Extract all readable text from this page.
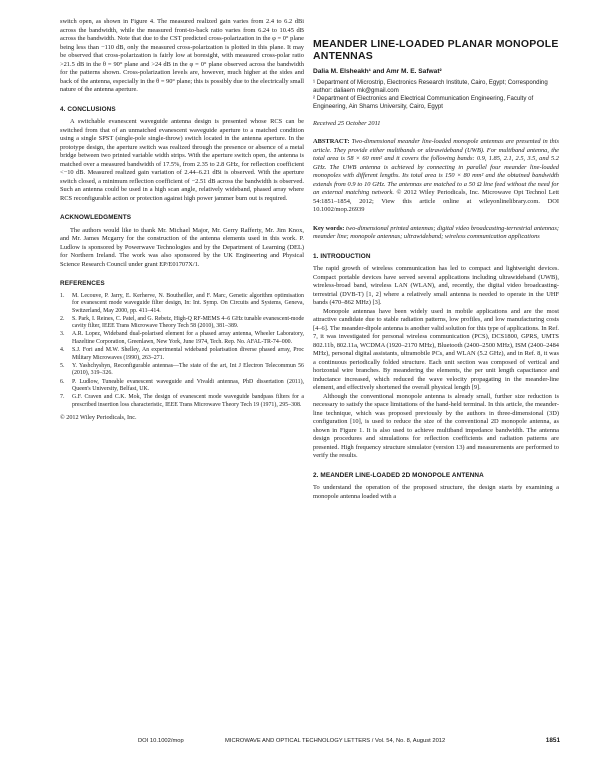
switch open, as shown in Figure 4. The measured realized gain varies from 2.4 to 6.2 dBi across the bandwidth, while the measured front-to-back ratio varies from 6.24 to 10.45 dB across the bandwidth. Note that due to the CST predicted cross-polarization in the φ = 0° plane being less than −110 dB, only the measured cross-polarization is plotted in this plane. It may be observed that cross-polarization is fairly low at boresight, with measured cross-polar ratio >21.5 dB in the θ = 90° plane and >24 dB in the φ = 0° plane observed across the bandwidth for the patterns shown. Cross-polarization levels are, however, much higher at the sides and back of the antenna, especially in the θ = 90° plane; this is possibly due to the electrically small nature of the antenna aperture.

4. CONCLUSIONS

A switchable evanescent waveguide antenna design is presented whose RCS can be switched from that of an unmatched evanescent waveguide aperture to a matched condition using a single SPST (single-pole single-throw) switch located in the antenna aperture. In the prototype design, the aperture switch was realized through the presence or absence of a metal bridge between two printed variable width strips. With the aperture switch open, the antenna is matched over a measured bandwidth of 17.5%, from 2.35 to 2.8 GHz, for reflection coefficient <−10 dB. Measured realized gain variation of 2.44–6.21 dBi is observed. With the aperture switch closed, a minimum reflection coefficient of −2.51 dB across the bandwidth is observed. Such an antenna could be used in a high scan angle, relatively wideband, phased array where RCS reconfigurable action or protection against high power jammer burn out is required.

ACKNOWLEDGMENTS

The authors would like to thank Mr. Michael Major, Mr. Gerry Rafferty, Mr. Jim Knox, and Mr. James Mcgarry for the construction of the antenna elements used in this work. P. Ludlow is sponsored by Powerwave Technologies and by the Department of Learning (DEL) for Northern Ireland. The work was also sponsored by the UK Engineering and Physical Science Research Council under grant EP/E01707X/1.

REFERENCES
1. M. Lecouve, P. Jarry, E. Kerherve, N. Boutheiller, and F. Marc, Genetic algorithm optimisation for evanescent mode waveguide filter design, In: Int. Symp. On Circuits and Systems, Geneva, Switzerland, May 2000, pp. 411–414.
2. S. Park, I. Reines, C. Patel, and G. Rebeiz, High-Q RF-MEMS 4–6 GHz tunable evanescent-mode cavity filter, IEEE Trans Microwave Theory Tech 58 (2010), 381–389.
3. A.R. Lopez, Wideband dual-polarised element for a phased array antenna, Wheeler Laboratory, Hazeltine Corporation, Greenlawn, New York, June 1974, Tech. Rep. No. AFAL-TR-74–000.
4. S.J. Fori and M.W. Shelley, An experimental wideband polarisation diverse phased array, Proc Military Microwaves (1990), 263–271.
5. Y. Yashchyshyn, Reconfigurable antennas—The state of the art, Int J Electron Telecommun 56 (2010), 319–326.
6. P. Ludlow, Tuneable evanescent waveguide and Vivaldi antennas, PhD dissertation (2011), Queen's University, Belfast, UK.
7. G.F. Craven and C.K. Mok, The design of evanescent mode waveguide bandpass filters for a prescribed insertion loss characteristic, IEEE Trans Microwave Theory Tech 19 (1971), 295–308.
© 2012 Wiley Periodicals, Inc.
MEANDER LINE-LOADED PLANAR MONOPOLE ANTENNAS
Dalia M. Elsheakh¹ and Amr M. E. Safwat²
¹ Department of Microstrip, Electronics Research Institute, Cairo, Egypt; Corresponding author: daliaem mk@gmail.com
² Department of Electronics and Electrical Communication Engineering, Faculty of Engineering, Ain Shams University, Cairo, Egypt
Received 25 October 2011

ABSTRACT: Two-dimensional meander line-loaded monopole antennas are presented in this article. They provide either multibands or ultrawideband (UWB). For multiband antenna, the total area is 58 × 60 mm² and it covers the following bands: 0.9, 1.85, 2.1, 2.5, 3.5, and 5.2 GHz. The UWB antenna is achieved by connecting in parallel four meander line-loaded monopoles with different lengths. Its total area is 150 × 80 mm² and the obtained bandwidth extends from 0.9 to 10 GHz. The antennas are matched to a 50 Ω line feed without the need for an external matching network. © 2012 Wiley Periodicals, Inc. Microwave Opt Technol Lett 54:1851–1854, 2012; View this article online at wileyonlinelibrary.com. DOI 10.1002/mop.26939

Key words: two-dimensional printed antennas; digital video broadcasting-terrestrial antennas; meander line; monopole antennas; ultrawideband; wireless communication applications

1. INTRODUCTION

The rapid growth of wireless communication has led to compact and lightweight devices. Compact portable devices have served several applications including ultrawideband (UWB), wireless-broad band, wireless LAN (WLAN), and, recently, the digital video broadcasting-terrestrial (DVB-T) [1, 2] where a relatively small antenna is needed to operate in the UHF bands (470–862 MHz) [3].

Monopole antennas have been widely used in mobile applications and are the most attractive candidate due to stable radiation patterns, low profiles, and low manufacturing costs [4–6]. The meander-dipole antenna is another valid solution for this type of applications. In Ref. 7, it was investigated for personal wireless communication (PCS), DCS1800, GPRS, UMTS 802.11b, 802.11a, WCDMA (1920–2170 MHz), Bluetooth (2400–2500 MHz), ISM (2400–2484 MHz), personal digital assistants, ultramobile PCs, and WLAN (5.2 GHz), and in Ref. 8, it was a continuous periodically folded structure. Each unit section was composed of vertical and horizontal wire branches. By meandering the elements, the per unit length capacitance and inductance increased, which reduced the wave velocity propagating in the meander-line element, and effectively shortened the overall physical length [9].

Although the conventional monopole antenna is already small, further size reduction is necessary to satisfy the space limitations of the hand-held terminal. In this article, the meander-line technique, which was proposed previously by the authors in three-dimensional (3D) configuration [10], is used to reduce the size of the conventional 2D monopole antenna, as shown in Figure 1. It is also used to achieve multiband impedance bandwidth. The antenna design procedures and simulations for reflection coefficients and radiation patterns are presented. High frequency structure simulator (version 13) and measurements are performed to verify the results.

2. MEANDER LINE-LOADED 2D MONOPOLE ANTENNA

To understand the operation of the proposed structure, the design starts by examining a monopole antenna loaded with a

DOI 10.1002/mop	MICROWAVE AND OPTICAL TECHNOLOGY LETTERS / Vol. 54, No. 8, August 2012	1851
